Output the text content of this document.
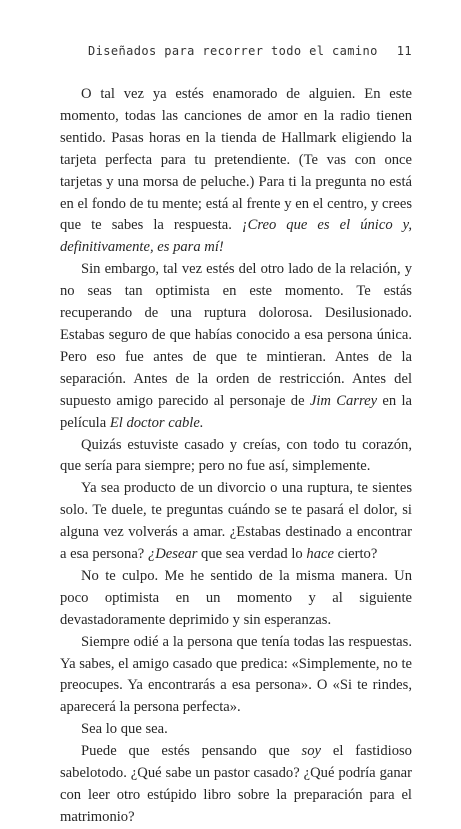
Diseñados para recorrer todo el camino 11

O tal vez ya estés enamorado de alguien. En este momento, todas las canciones de amor en la radio tienen sentido. Pasas horas en la tienda de Hallmark eligiendo la tarjeta perfecta para tu pretendiente. (Te vas con once tarjetas y una morsa de peluche.) Para ti la pregunta no está en el fondo de tu mente; está al frente y en el centro, y crees que te sabes la respuesta. ¡Creo que es el único y, definitivamente, es para mí!

Sin embargo, tal vez estés del otro lado de la relación, y no seas tan optimista en este momento. Te estás recuperando de una ruptura dolorosa. Desilusionado. Estabas seguro de que habías conocido a esa persona única. Pero eso fue antes de que te mintieran. Antes de la separación. Antes de la orden de restricción. Antes del supuesto amigo parecido al personaje de Jim Carrey en la película El doctor cable.

Quizás estuviste casado y creías, con todo tu corazón, que sería para siempre; pero no fue así, simplemente.

Ya sea producto de un divorcio o una ruptura, te sientes solo. Te duele, te preguntas cuándo se te pasará el dolor, si alguna vez volverás a amar. ¿Estabas destinado a encontrar a esa persona? ¿Desear que sea verdad lo hace cierto?

No te culpo. Me he sentido de la misma manera. Un poco optimista en un momento y al siguiente devastadoramente deprimido y sin esperanzas.

Siempre odié a la persona que tenía todas las respuestas. Ya sabes, el amigo casado que predica: «Simplemente, no te preocupes. Ya encontrarás a esa persona». O «Si te rindes, aparecerá la persona perfecta».

Sea lo que sea.

Puede que estés pensando que soy el fastidioso sabelotodo. ¿Qué sabe un pastor casado? ¿Qué podría ganar con leer otro estúpido libro sobre la preparación para el matrimonio?
